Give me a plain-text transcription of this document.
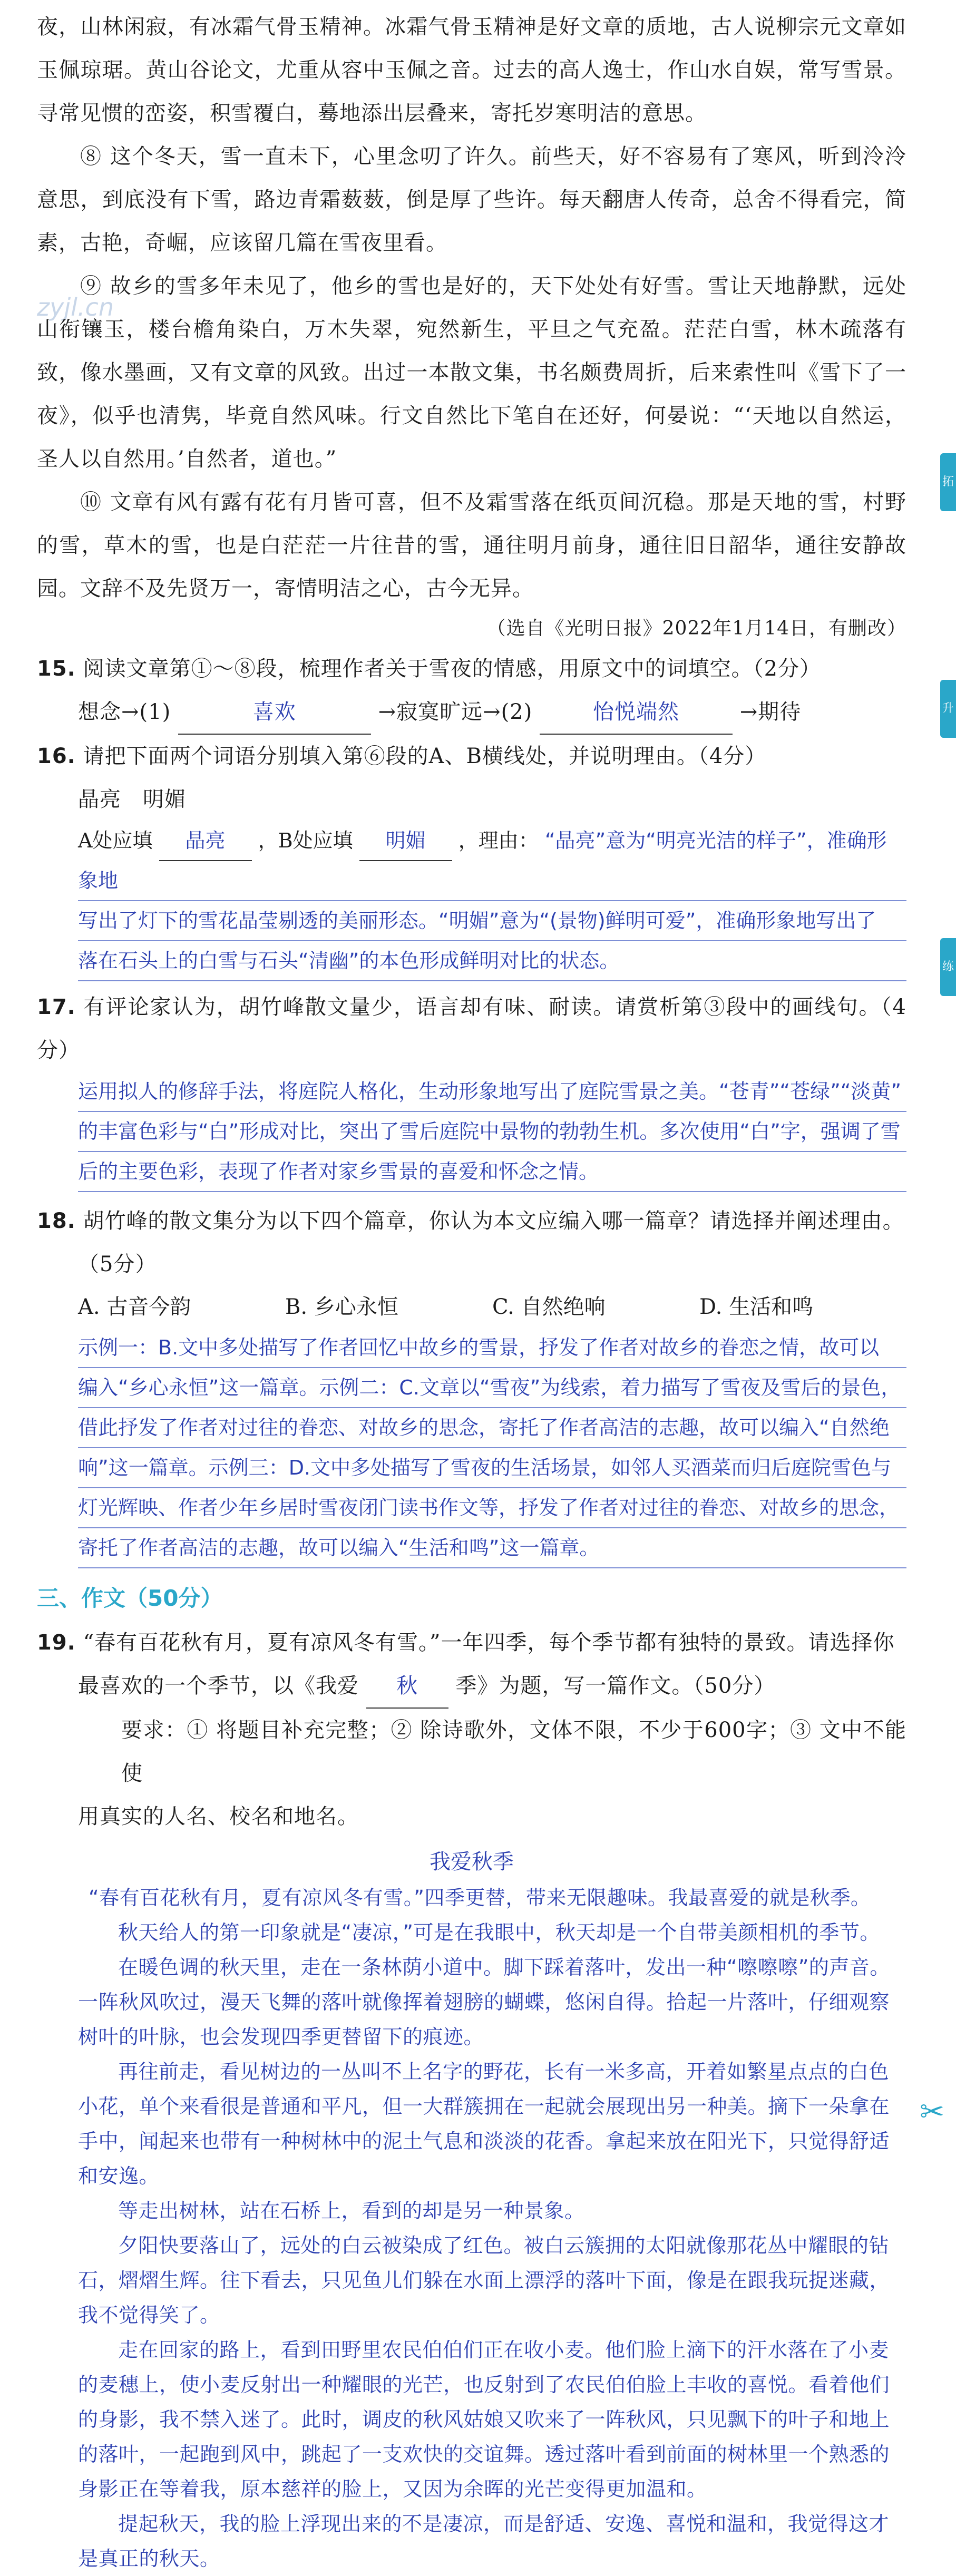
zyjl.cn
拓
升
练
✂

夜，山林闲寂，有冰霜气骨玉精神。冰霜气骨玉精神是好文章的质地，古人说柳宗元文章如玉佩琼琚。黄山谷论文，尤重从容中玉佩之音。过去的高人逸士，作山水自娱，常写雪景。寻常见惯的峦姿，积雪覆白，蓦地添出层叠来，寄托岁寒明洁的意思。

⑧ 这个冬天，雪一直未下，心里念叨了许久。前些天，好不容易有了寒风，听到泠泠意思，到底没有下雪，路边青霜薮薮，倒是厚了些许。每天翻唐人传奇，总舍不得看完，简素，古艳，奇崛，应该留几篇在雪夜里看。

⑨ 故乡的雪多年未见了，他乡的雪也是好的，天下处处有好雪。雪让天地静默，远处山衔镶玉，楼台檐角染白，万木失翠，宛然新生，平旦之气充盈。茫茫白雪，林木疏落有致，像水墨画，又有文章的风致。出过一本散文集，书名颇费周折，后来索性叫《雪下了一夜》，似乎也清隽，毕竟自然风味。行文自然比下笔自在还好，何晏说：“‘天地以自然运，圣人以自然用。’自然者，道也。”

⑩ 文章有风有露有花有月皆可喜，但不及霜雪落在纸页间沉稳。那是天地的雪，村野的雪，草木的雪，也是白茫茫一片往昔的雪，通往明月前身，通往旧日韶华，通往安静故园。文辞不及先贤万一，寄情明洁之心，古今无异。

（选自《光明日报》2022年1月14日，有删改）

15. 阅读文章第①～⑧段，梳理作者关于雪夜的情感，用原文中的词填空。（2分）

想念→(1)	喜欢	→寂寞旷远→(2)	怡悦端然	→期待

16. 请把下面两个词语分别填入第⑥段的A、B横线处，并说明理由。（4分）

晶亮　明媚

A处应填 晶亮 ，B处应填 明媚 ，理由： “晶亮”意为“明亮光洁的样子”，准确形象地

写出了灯下的雪花晶莹剔透的美丽形态。“明媚”意为“(景物)鲜明可爱”，准确形象地写出了

落在石头上的白雪与石头“清幽”的本色形成鲜明对比的状态。

17. 有评论家认为，胡竹峰散文量少，语言却有味、耐读。请赏析第③段中的画线句。（4分）

运用拟人的修辞手法，将庭院人格化，生动形象地写出了庭院雪景之美。“苍青”“苍绿”“淡黄”

的丰富色彩与“白”形成对比，突出了雪后庭院中景物的勃勃生机。多次使用“白”字，强调了雪

后的主要色彩，表现了作者对家乡雪景的喜爱和怀念之情。

18. 胡竹峰的散文集分为以下四个篇章，你认为本文应编入哪一篇章？请选择并阐述理由。

（5分）

A. 古音今韵	B. 乡心永恒	C. 自然绝响	D. 生活和鸣

示例一：B.文中多处描写了作者回忆中故乡的雪景，抒发了作者对故乡的眷恋之情，故可以

编入“乡心永恒”这一篇章。示例二：C.文章以“雪夜”为线索，着力描写了雪夜及雪后的景色，

借此抒发了作者对过往的眷恋、对故乡的思念，寄托了作者高洁的志趣，故可以编入“自然绝

响”这一篇章。示例三：D.文中多处描写了雪夜的生活场景，如邻人买酒菜而归后庭院雪色与

灯光辉映、作者少年乡居时雪夜闭门读书作文等，抒发了作者对过往的眷恋、对故乡的思念，

寄托了作者高洁的志趣，故可以编入“生活和鸣”这一篇章。

三、作文（50分）

19. “春有百花秋有月，夏有凉风冬有雪。”一年四季，每个季节都有独特的景致。请选择你

最喜欢的一个季节，以《我爱 秋 季》为题，写一篇作文。（50分）

要求：① 将题目补充完整；② 除诗歌外，文体不限，不少于600字；③ 文中不能使

用真实的人名、校名和地名。

我爱秋季

“春有百花秋有月，夏有凉风冬有雪。”四季更替，带来无限趣味。我最喜爱的就是秋季。

秋天给人的第一印象就是“凄凉，”可是在我眼中，秋天却是一个自带美颜相机的季节。

在暖色调的秋天里，走在一条林荫小道中。脚下踩着落叶，发出一种“嚓嚓嚓”的声音。一阵秋风吹过，漫天飞舞的落叶就像挥着翅膀的蝴蝶，悠闲自得。拾起一片落叶，仔细观察树叶的叶脉，也会发现四季更替留下的痕迹。

再往前走，看见树边的一丛叫不上名字的野花，长有一米多高，开着如繁星点点的白色小花，单个来看很是普通和平凡，但一大群簇拥在一起就会展现出另一种美。摘下一朵拿在手中，闻起来也带有一种树林中的泥土气息和淡淡的花香。拿起来放在阳光下，只觉得舒适和安逸。

等走出树林，站在石桥上，看到的却是另一种景象。

夕阳快要落山了，远处的白云被染成了红色。被白云簇拥的太阳就像那花丛中耀眼的钻石，熠熠生辉。往下看去，只见鱼儿们躲在水面上漂浮的落叶下面，像是在跟我玩捉迷藏，我不觉得笑了。

走在回家的路上，看到田野里农民伯伯们正在收小麦。他们脸上滴下的汗水落在了小麦的麦穗上，使小麦反射出一种耀眼的光芒，也反射到了农民伯伯脸上丰收的喜悦。看着他们的身影，我不禁入迷了。此时，调皮的秋风姑娘又吹来了一阵秋风，只见飘下的叶子和地上的落叶，一起跑到风中，跳起了一支欢快的交谊舞。透过落叶看到前面的树林里一个熟悉的身影正在等着我，原本慈祥的脸上，又因为余晖的光芒变得更加温和。

提起秋天，我的脸上浮现出来的不是凄凉，而是舒适、安逸、喜悦和温和，我觉得这才是真正的秋天。
